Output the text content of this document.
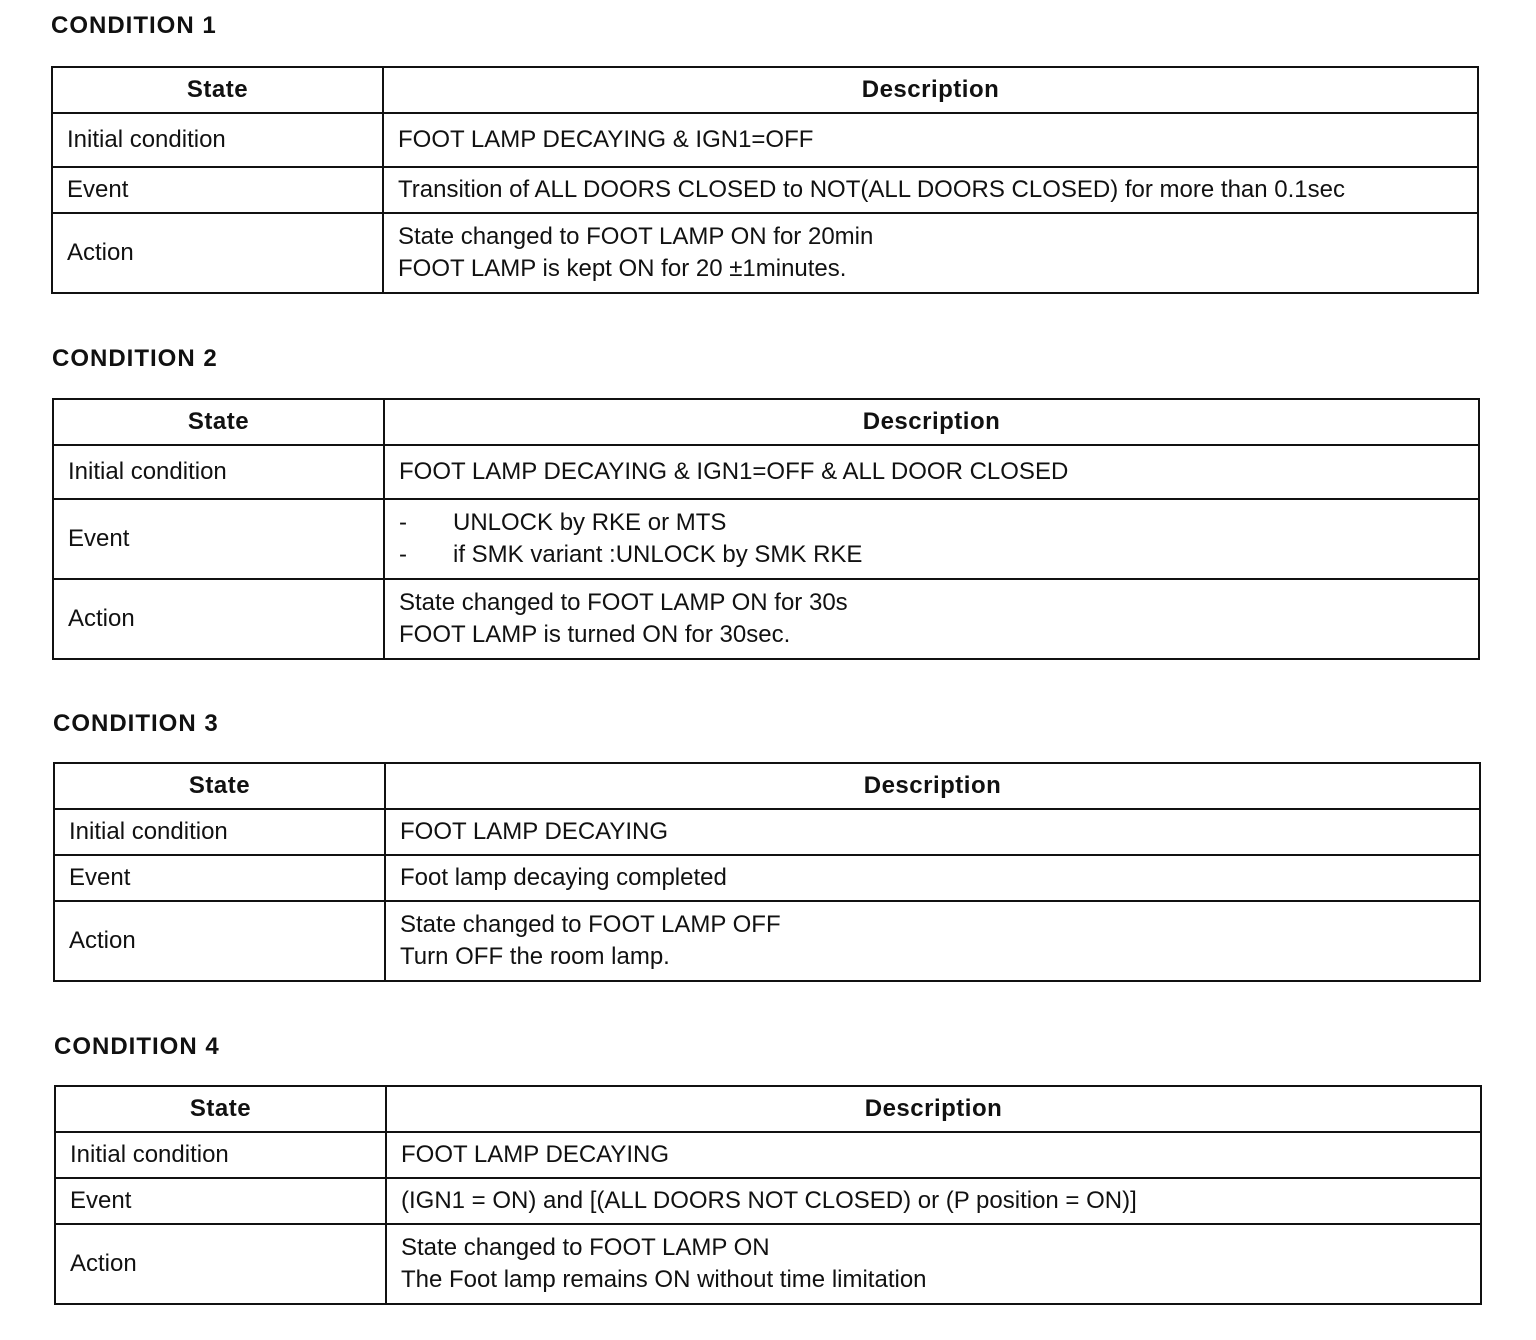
CONDITION 1
State	Description
Initial condition	FOOT LAMP DECAYING & IGN1=OFF

Event	Transition of ALL DOORS CLOSED to NOT(ALL DOORS CLOSED) for more than 0.1sec

Action	State changed to FOOT LAMP ON for 20min
FOOT LAMP is kept ON for 20 ±1minutes.
CONDITION 2
State	Description
Initial condition	FOOT LAMP DECAYING & IGN1=OFF & ALL DOOR CLOSED

Event	- UNLOCK by RKE or MTS
- if SMK variant :UNLOCK by SMK RKE

Action	State changed to FOOT LAMP ON for 30s
FOOT LAMP is turned ON for 30sec.
CONDITION 3
State	Description
Initial condition	FOOT LAMP DECAYING

Event	Foot lamp decaying completed

Action	State changed to FOOT LAMP OFF
Turn OFF the room lamp.
CONDITION 4
State	Description
Initial condition	FOOT LAMP DECAYING

Event	(IGN1 = ON) and [(ALL DOORS NOT CLOSED) or (P position = ON)]

Action	State changed to FOOT LAMP ON
The Foot lamp remains ON without time limitation
